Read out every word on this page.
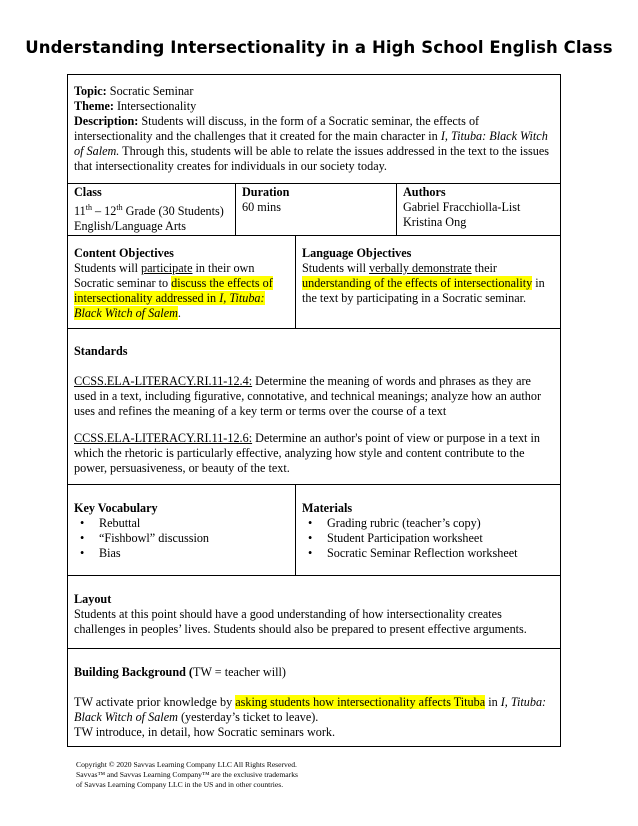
Understanding Intersectionality in a High School English Class

Topic: Socratic Seminar

Theme: Intersectionality

Description: Students will discuss, in the form of a Socratic seminar, the effects of intersectionality and the challenges that it created for the main character in I, Tituba: Black Witch of Salem. Through this, students will be able to relate the issues addressed in the text to the issues that intersectionality creates for individuals in our society today.

Class

11th – 12th Grade (30 Students)

English/Language Arts

Duration

60 mins

Authors

Gabriel Fracchiolla-List

Kristina Ong

Content Objectives

Students will participate in their own Socratic seminar to discuss the effects of intersectionality addressed in I, Tituba: Black Witch of Salem.

Language Objectives

Students will verbally demonstrate their understanding of the effects of intersectionality in the text by participating in a Socratic seminar.

Standards

CCSS.ELA-LITERACY.RI.11-12.4: Determine the meaning of words and phrases as they are used in a text, including figurative, connotative, and technical meanings; analyze how an author uses and refines the meaning of a key term or terms over the course of a text

CCSS.ELA-LITERACY.RI.11-12.6: Determine an author's point of view or purpose in a text in which the rhetoric is particularly effective, analyzing how style and content contribute to the power, persuasiveness, or beauty of the text.

Key Vocabulary

• Rebuttal
• “Fishbowl” discussion
• Bias

Materials

• Grading rubric (teacher’s copy)
• Student Participation worksheet
• Socratic Seminar Reflection worksheet

Layout

Students at this point should have a good understanding of how intersectionality creates challenges in peoples’ lives. Students should also be prepared to present effective arguments.

Building Background (TW = teacher will)

TW activate prior knowledge by asking students how intersectionality affects Tituba in I, Tituba: Black Witch of Salem (yesterday’s ticket to leave).

TW introduce, in detail, how Socratic seminars work.

Copyright © 2020 Savvas Learning Company LLC All Rights Reserved.
Savvas™ and Savvas Learning Company™ are the exclusive trademarks
of Savvas Learning Company LLC in the US and in other countries.
